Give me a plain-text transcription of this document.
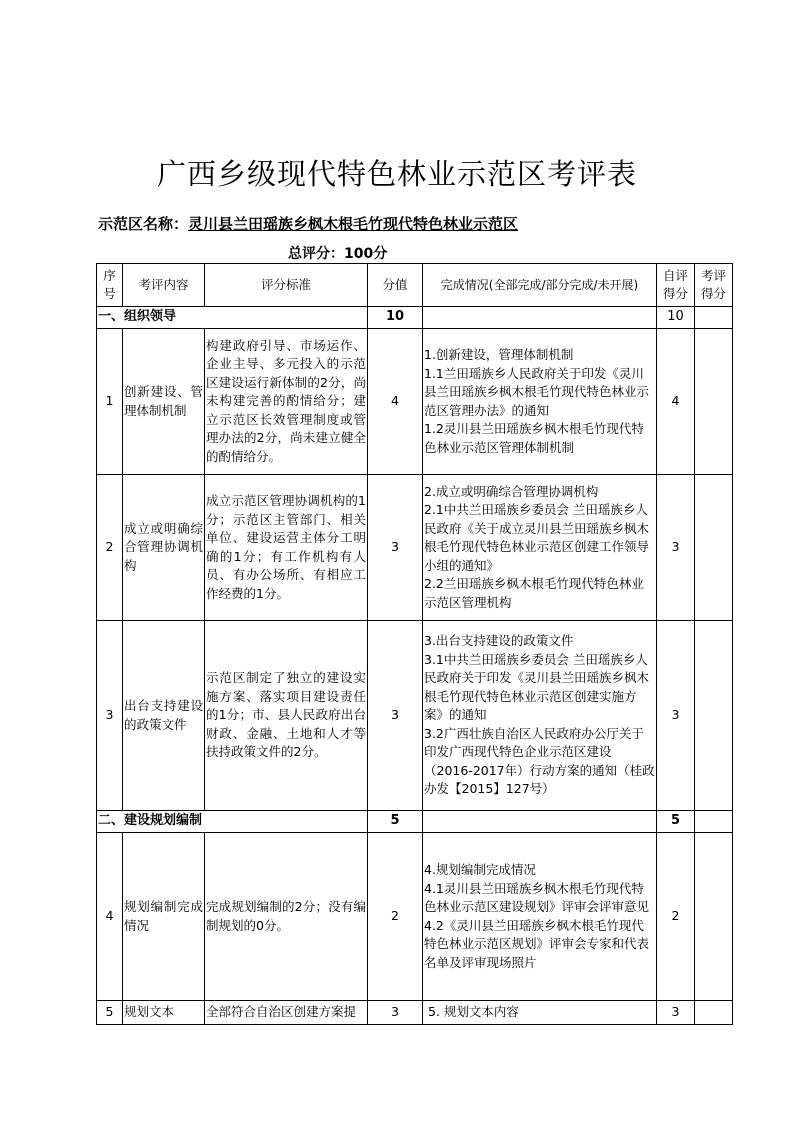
广西乡级现代特色林业示范区考评表
示范区名称：灵川县兰田瑶族乡枫木根毛竹现代特色林业示范区
总评分：100分
序号	考评内容	评分标准	分值	完成情况(全部完成/部分完成/未开展)	自评得分	考评得分
一、组织领导			10		10	
1	创新建设、管理体制机制	构建政府引导、市场运作、企业主导、多元投入的示范区建设运行新体制的2分，尚未构建完善的酌情给分；建立示范区长效管理制度或管理办法的2分，尚未建立健全的酌情给分。	4	1.创新建设，管理体制机制
1.1兰田瑶族乡人民政府关于印发《灵川县兰田瑶族乡枫木根毛竹现代特色林业示范区管理办法》的通知
1.2灵川县兰田瑶族乡枫木根毛竹现代特色林业示范区管理体制机制	4	
2	成立或明确综合管理协调机构	成立示范区管理协调机构的1分；示范区主管部门、相关单位、建设运营主体分工明确的1分；有工作机构有人员、有办公场所、有相应工作经费的1分。	3	2.成立或明确综合管理协调机构
2.1中共兰田瑶族乡委员会 兰田瑶族乡人民政府《关于成立灵川县兰田瑶族乡枫木根毛竹现代特色林业示范区创建工作领导小组的通知》
2.2兰田瑶族乡枫木根毛竹现代特色林业示范区管理机构	3	
3	出台支持建设的政策文件	示范区制定了独立的建设实施方案、落实项目建设责任的1分；市、县人民政府出台财政、金融、土地和人才等扶持政策文件的2分。	3	3.出台支持建设的政策文件
3.1中共兰田瑶族乡委员会 兰田瑶族乡人民政府关于印发《灵川县兰田瑶族乡枫木根毛竹现代特色林业示范区创建实施方案》的通知
3.2广西壮族自治区人民政府办公厅关于印发广西现代特色企业示范区建设（2016-2017年）行动方案的通知（桂政办发【2015】127号）	3	
二、建设规划编制			5		5	
4	规划编制完成情况	完成规划编制的2分；没有编制规划的0分。	2	4.规划编制完成情况
4.1灵川县兰田瑶族乡枫木根毛竹现代特色林业示范区建设规划》评审会评审意见
4.2《灵川县兰田瑶族乡枫木根毛竹现代特色林业示范区规划》评审会专家和代表名单及评审现场照片	2	
5	规划文本	全部符合自治区创建方案提	3	5. 规划文本内容	3	
